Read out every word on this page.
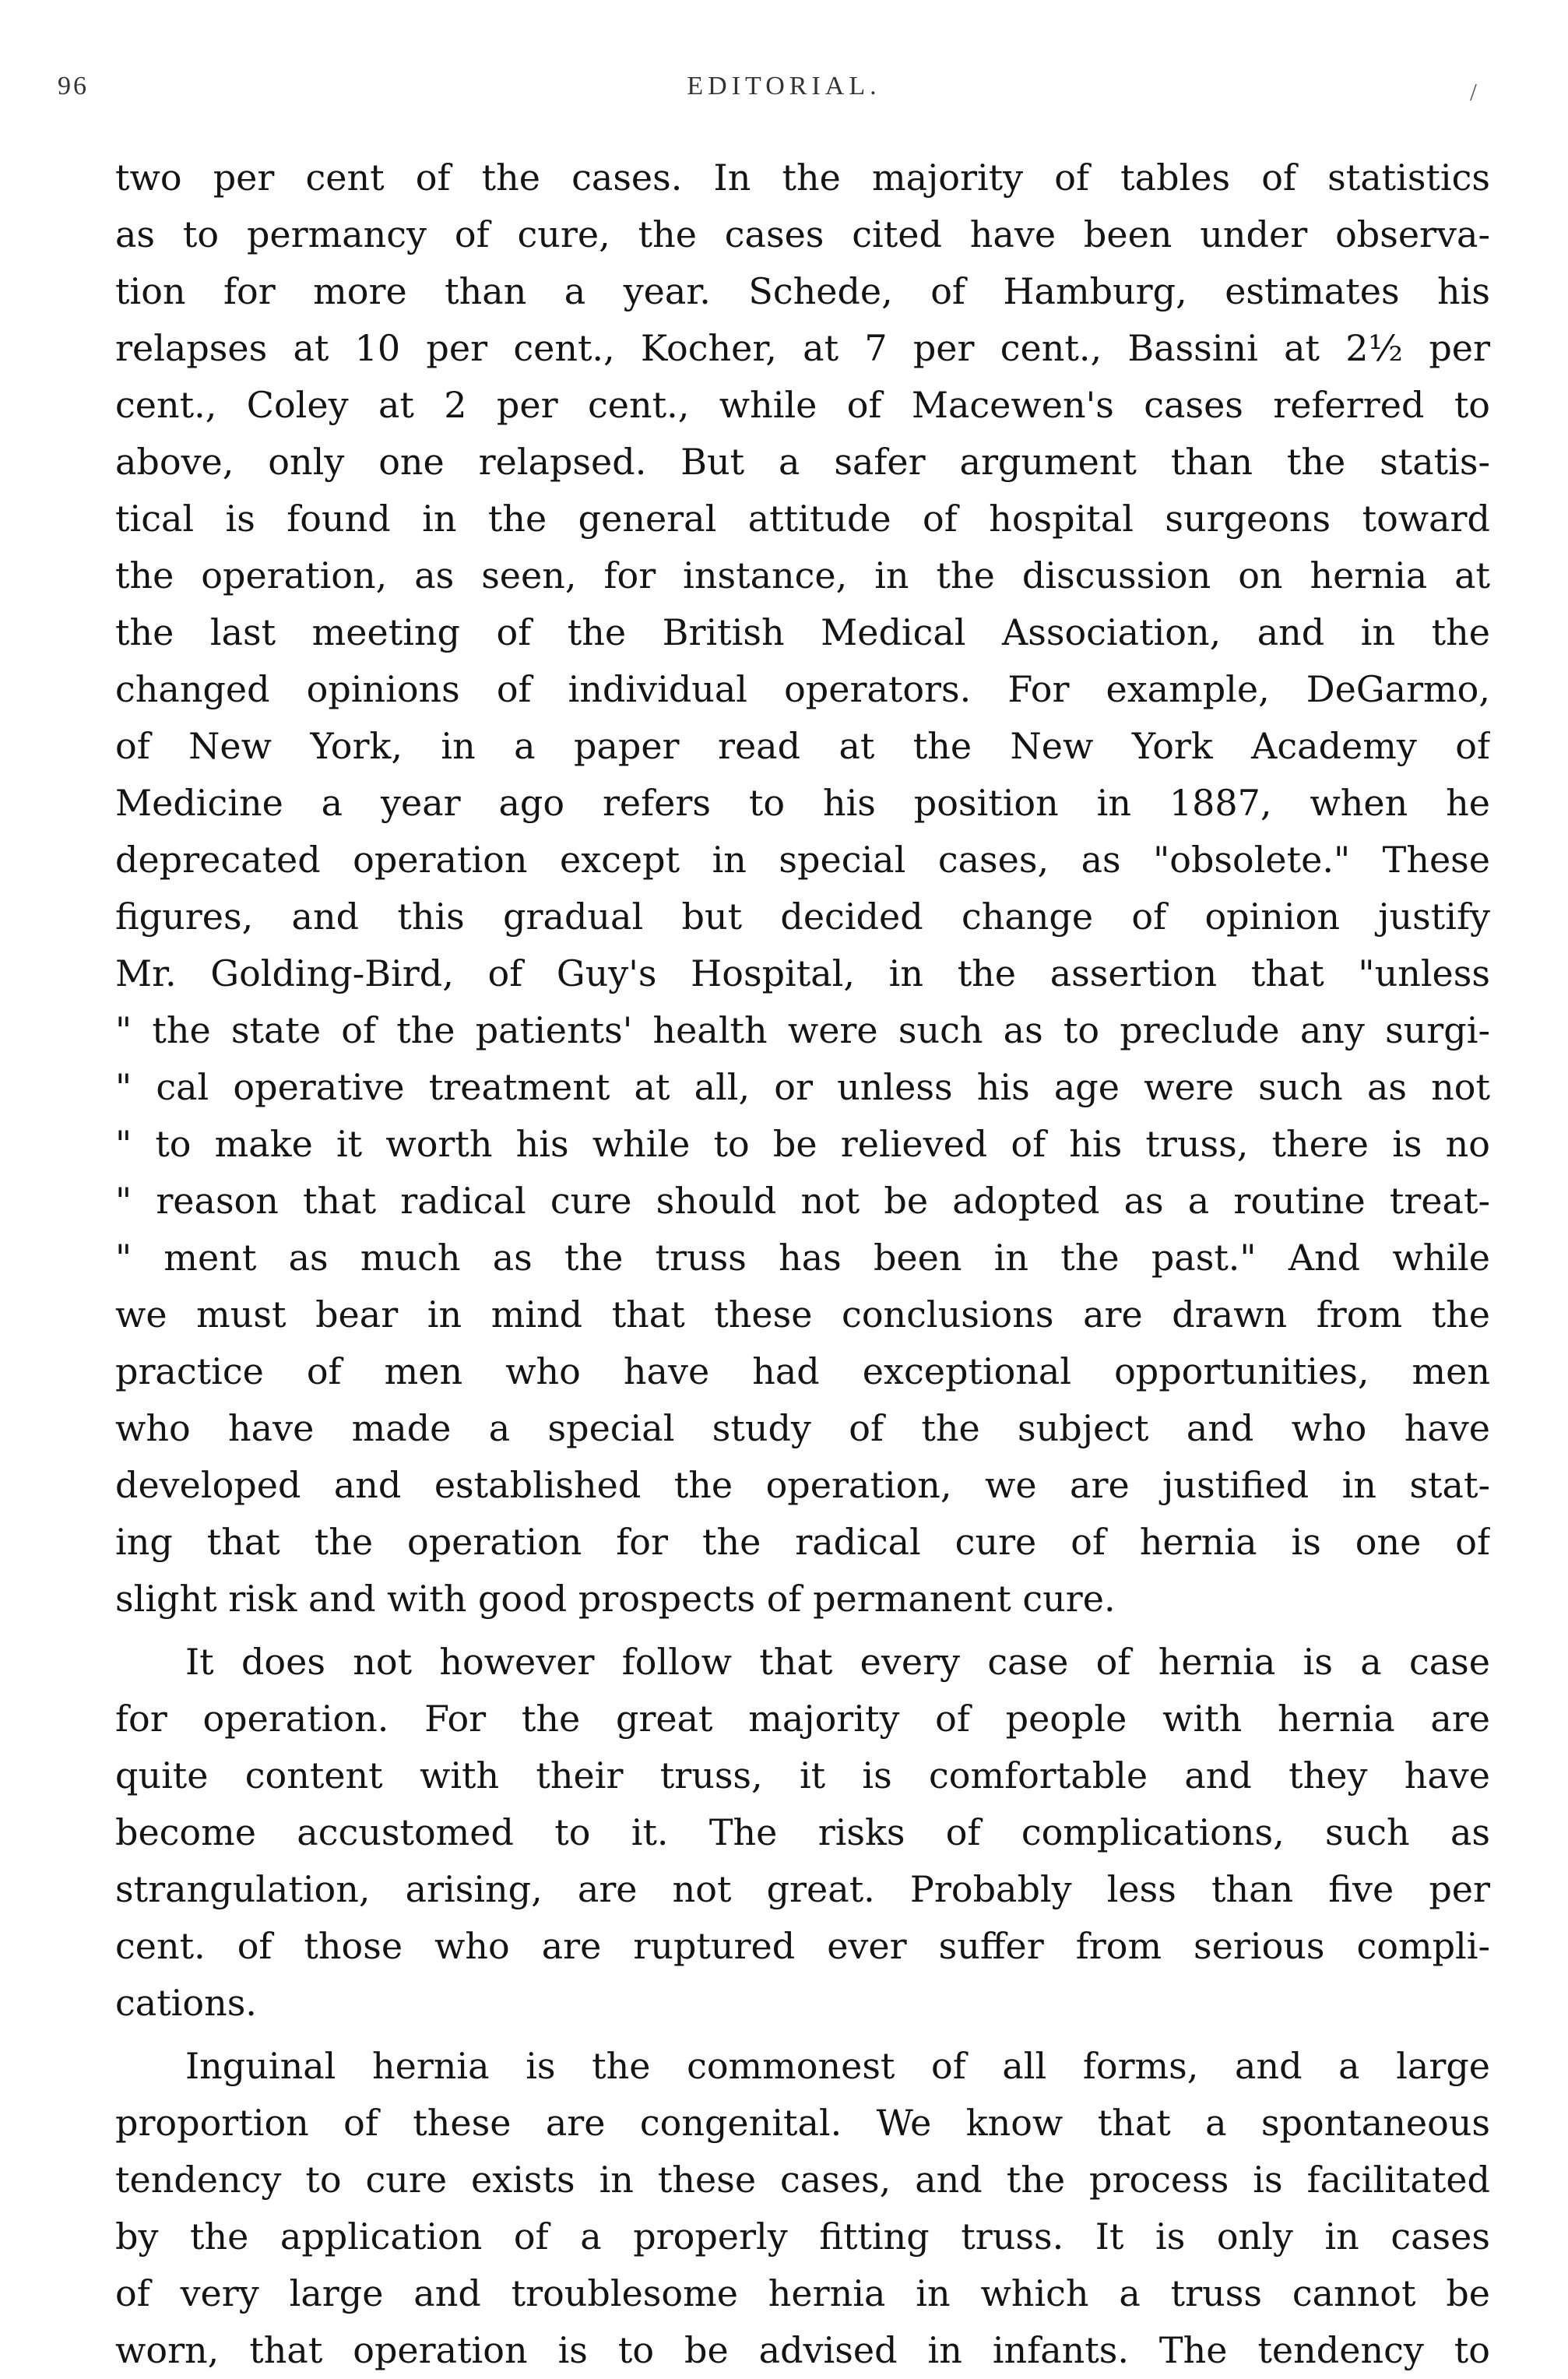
96	EDITORIAL.	/
two per cent of the cases. In the majority of tables of statistics
as to permancy of cure, the cases cited have been under observa-
tion for more than a year. Schede, of Hamburg, estimates his
relapses at 10 per cent., Kocher, at 7 per cent., Bassini at 2½ per
cent., Coley at 2 per cent., while of Macewen's cases referred to
above, only one relapsed. But a safer argument than the statis-
tical is found in the general attitude of hospital surgeons toward
the operation, as seen, for instance, in the discussion on hernia at
the last meeting of the British Medical Association, and in the
changed opinions of individual operators. For example, DeGarmo,
of New York, in a paper read at the New York Academy of
Medicine a year ago refers to his position in 1887, when he
deprecated operation except in special cases, as "obsolete." These
figures, and this gradual but decided change of opinion justify
Mr. Golding-Bird, of Guy's Hospital, in the assertion that "unless
" the state of the patients' health were such as to preclude any surgi-
" cal operative treatment at all, or unless his age were such as not
" to make it worth his while to be relieved of his truss, there is no
" reason that radical cure should not be adopted as a routine treat-
" ment as much as the truss has been in the past." And while
we must bear in mind that these conclusions are drawn from the
practice of men who have had exceptional opportunities, men
who have made a special study of the subject and who have
developed and established the operation, we are justified in stat-
ing that the operation for the radical cure of hernia is one of
slight risk and with good prospects of permanent cure.
It does not however follow that every case of hernia is a case
for operation. For the great majority of people with hernia are
quite content with their truss, it is comfortable and they have
become accustomed to it. The risks of complications, such as
strangulation, arising, are not great. Probably less than five per
cent. of those who are ruptured ever suffer from serious compli-
cations.
Inguinal hernia is the commonest of all forms, and a large
proportion of these are congenital. We know that a spontaneous
tendency to cure exists in these cases, and the process is facilitated
by the application of a properly fitting truss. It is only in cases
of very large and troublesome hernia in which a truss cannot be
worn, that operation is to be advised in infants. The tendency to
